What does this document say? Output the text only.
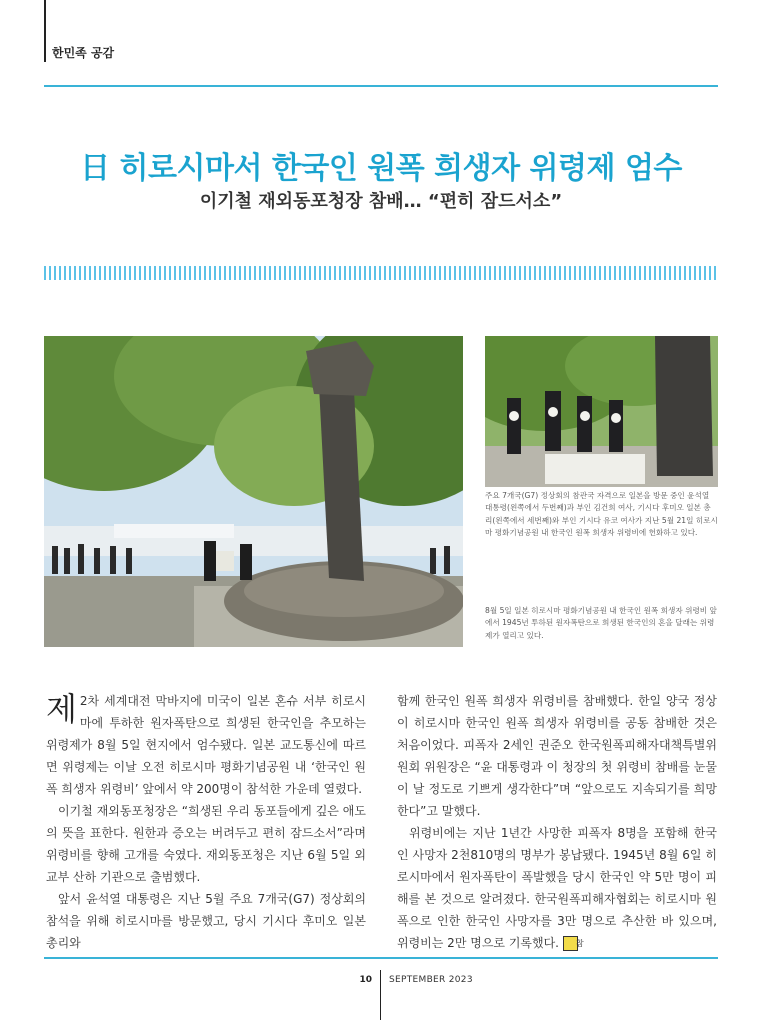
한민족 공감
日 히로시마서 한국인 원폭 희생자 위령제 엄수
이기철 재외동포청장 참배… “편히 잠드서소”
주요 7개국(G7) 정상회의 참관국 자격으로 일본을 방문 중인 윤석열 대통령(왼쪽에서 두번째)과 부인 김건희 여사, 기시다 후미오 일본 총리(왼쪽에서 세번째)와 부인 기시다 유코 여사가 지난 5월 21일 히로시마 평화기념공원 내 한국인 원폭 희생자 위령비에 헌화하고 있다.
8월 5일 일본 히로시마 평화기념공원 내 한국인 원폭 희생자 위령비 앞에서 1945년 투하된 원자폭탄으로 희생된 한국인의 혼을 달래는 위령제가 열리고 있다.

제 2차 세계대전 막바지에 미국이 일본 혼슈 서부 히로시마에 투하한 원자폭탄으로 희생된 한국인을 추모하는 위령제가 8월 5일 현지에서 엄수됐다. 일본 교도통신에 따르면 위령제는 이날 오전 히로시마 평화기념공원 내 ‘한국인 원폭 희생자 위령비’ 앞에서 약 200명이 참석한 가운데 열렸다.

이기철 재외동포청장은 “희생된 우리 동포들에게 깊은 애도의 뜻을 표한다. 원한과 증오는 버려두고 편히 잠드소서”라며 위령비를 향해 고개를 숙였다. 재외동포청은 지난 6월 5일 외교부 산하 기관으로 출범했다.

앞서 윤석열 대통령은 지난 5월 주요 7개국(G7) 정상회의 참석을 위해 히로시마를 방문했고, 당시 기시다 후미오 일본 총리와

함께 한국인 원폭 희생자 위령비를 참배했다. 한일 양국 정상이 히로시마 한국인 원폭 희생자 위령비를 공동 참배한 것은 처음이었다. 피폭자 2세인 권준오 한국원폭피해자대책특별위원회 위원장은 “윤 대통령과 이 청장의 첫 위령비 참배를 눈물이 날 정도로 기쁘게 생각한다”며 “앞으로도 지속되기를 희망한다”고 말했다.

위령비에는 지난 1년간 사망한 피폭자 8명을 포함해 한국인 사망자 2천810명의 명부가 봉납됐다. 1945년 8월 6일 히로시마에서 원자폭탄이 폭발했을 당시 한국인 약 5만 명이 피해를 본 것으로 알려졌다. 한국원폭피해자협회는 히로시마 원폭으로 인한 한국인 사망자를 3만 명으로 추산한 바 있으며, 위령비는 2만 명으로 기록했다. 참

10 SEPTEMBER 2023
